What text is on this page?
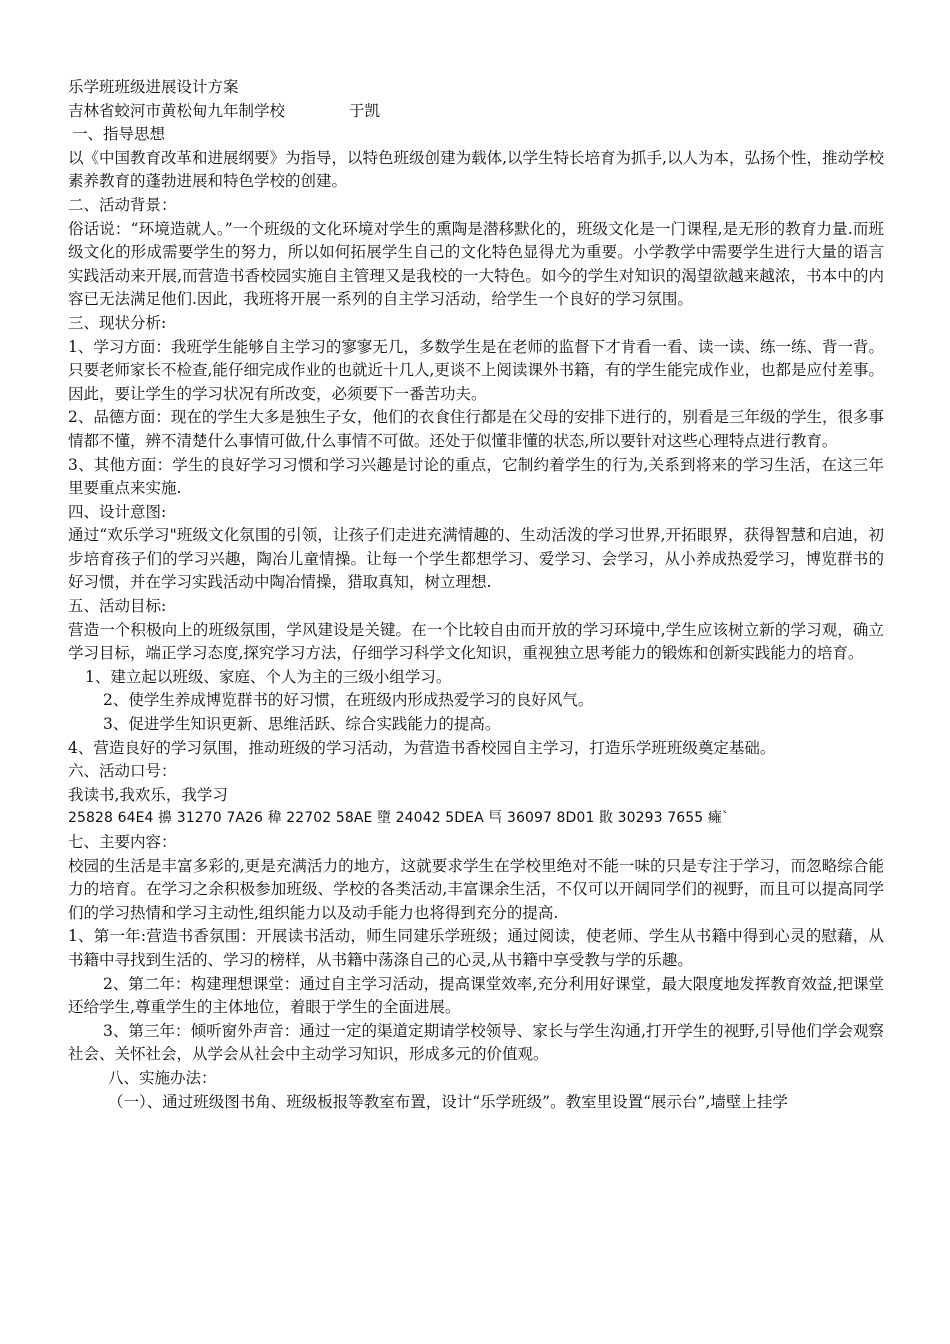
乐学班班级进展设计方案
吉林省蛟河市黄松甸九年制学校	于凯
一、指导思想
以《中国教育改革和进展纲要》为指导，以特色班级创建为载体,以学生特长培育为抓手,以人为本，弘扬个性，推动学校素养教育的蓬勃进展和特色学校的创建。
二、活动背景：
俗话说：“环境造就人。”一个班级的文化环境对学生的熏陶是潜移默化的，班级文化是一门课程,是无形的教育力量.而班级文化的形成需要学生的努力，所以如何拓展学生自己的文化特色显得尤为重要。小学教学中需要学生进行大量的语言实践活动来开展,而营造书香校园实施自主管理又是我校的一大特色。如今的学生对知识的渴望欲越来越浓，书本中的内容已无法满足他们.因此，我班将开展一系列的自主学习活动，给学生一个良好的学习氛围。
三、现状分析:
1、学习方面：我班学生能够自主学习的寥寥无几，多数学生是在老师的监督下才肯看一看、读一读、练一练、背一背。只要老师家长不检查,能仔细完成作业的也就近十几人,更谈不上阅读课外书籍，有的学生能完成作业，也都是应付差事。因此，要让学生的学习状况有所改变，必须要下一番苦功夫。
2、品德方面：现在的学生大多是独生子女，他们的衣食住行都是在父母的安排下进行的，别看是三年级的学生，很多事情都不懂，辨不清楚什么事情可做,什么事情不可做。还处于似懂非懂的状态,所以要针对这些心理特点进行教育。
3、其他方面：学生的良好学习习惯和学习兴趣是讨论的重点，它制约着学生的行为,关系到将来的学习生活，在这三年里要重点来实施.
四、设计意图:
通过“欢乐学习"班级文化氛围的引领，让孩子们走进充满情趣的、生动活泼的学习世界,开拓眼界，获得智慧和启迪，初步培育孩子们的学习兴趣，陶冶儿童情操。让每一个学生都想学习、爱学习、会学习，从小养成热爱学习，博览群书的好习惯，并在学习实践活动中陶冶情操，猎取真知，树立理想.
五、活动目标:
营造一个积极向上的班级氛围，学风建设是关键。在一个比较自由而开放的学习环境中,学生应该树立新的学习观，确立学习目标，端正学习态度,探究学习方法，仔细学习科学文化知识，重视独立思考能力的锻炼和创新实践能力的培育。
1、建立起以班级、家庭、个人为主的三级小组学习。
2、使学生养成博览群书的好习惯，在班级内形成热爱学习的良好风气。
3、促进学生知识更新、思维活跃、综合实践能力的提高。
4、营造良好的学习氛围，推动班级的学习活动，为营造书香校园自主学习，打造乐学班班级奠定基础。
六、活动口号：
我读书,我欢乐，我学习
25828 64E4 擤 31270 7A26 稦 22702 58AE 墮 24042 5DEA 巪 36097 8D01 贁 30293 7655 癕`
七、主要内容：
校园的生活是丰富多彩的,更是充满活力的地方，这就要求学生在学校里绝对不能一味的只是专注于学习，而忽略综合能力的培育。在学习之余积极参加班级、学校的各类活动,丰富课余生活，不仅可以开阔同学们的视野，而且可以提高同学们的学习热情和学习主动性,组织能力以及动手能力也将得到充分的提高.
1、第一年:营造书香氛围：开展读书活动，师生同建乐学班级；通过阅读，使老师、学生从书籍中得到心灵的慰藉，从书籍中寻找到生活的、学习的榜样，从书籍中荡涤自己的心灵,从书籍中享受教与学的乐趣。
2、第二年：构建理想课堂：通过自主学习活动，提高课堂效率,充分利用好课堂，最大限度地发挥教育效益,把课堂还给学生,尊重学生的主体地位，着眼于学生的全面进展。
3、第三年：倾听窗外声音：通过一定的渠道定期请学校领导、家长与学生沟通,打开学生的视野,引导他们学会观察社会、关怀社会，从学会从社会中主动学习知识，形成多元的价值观。
八、实施办法：
（一）、通过班级图书角、班级板报等教室布置，设计“乐学班级”。教室里设置“展示台”,墙壁上挂学
